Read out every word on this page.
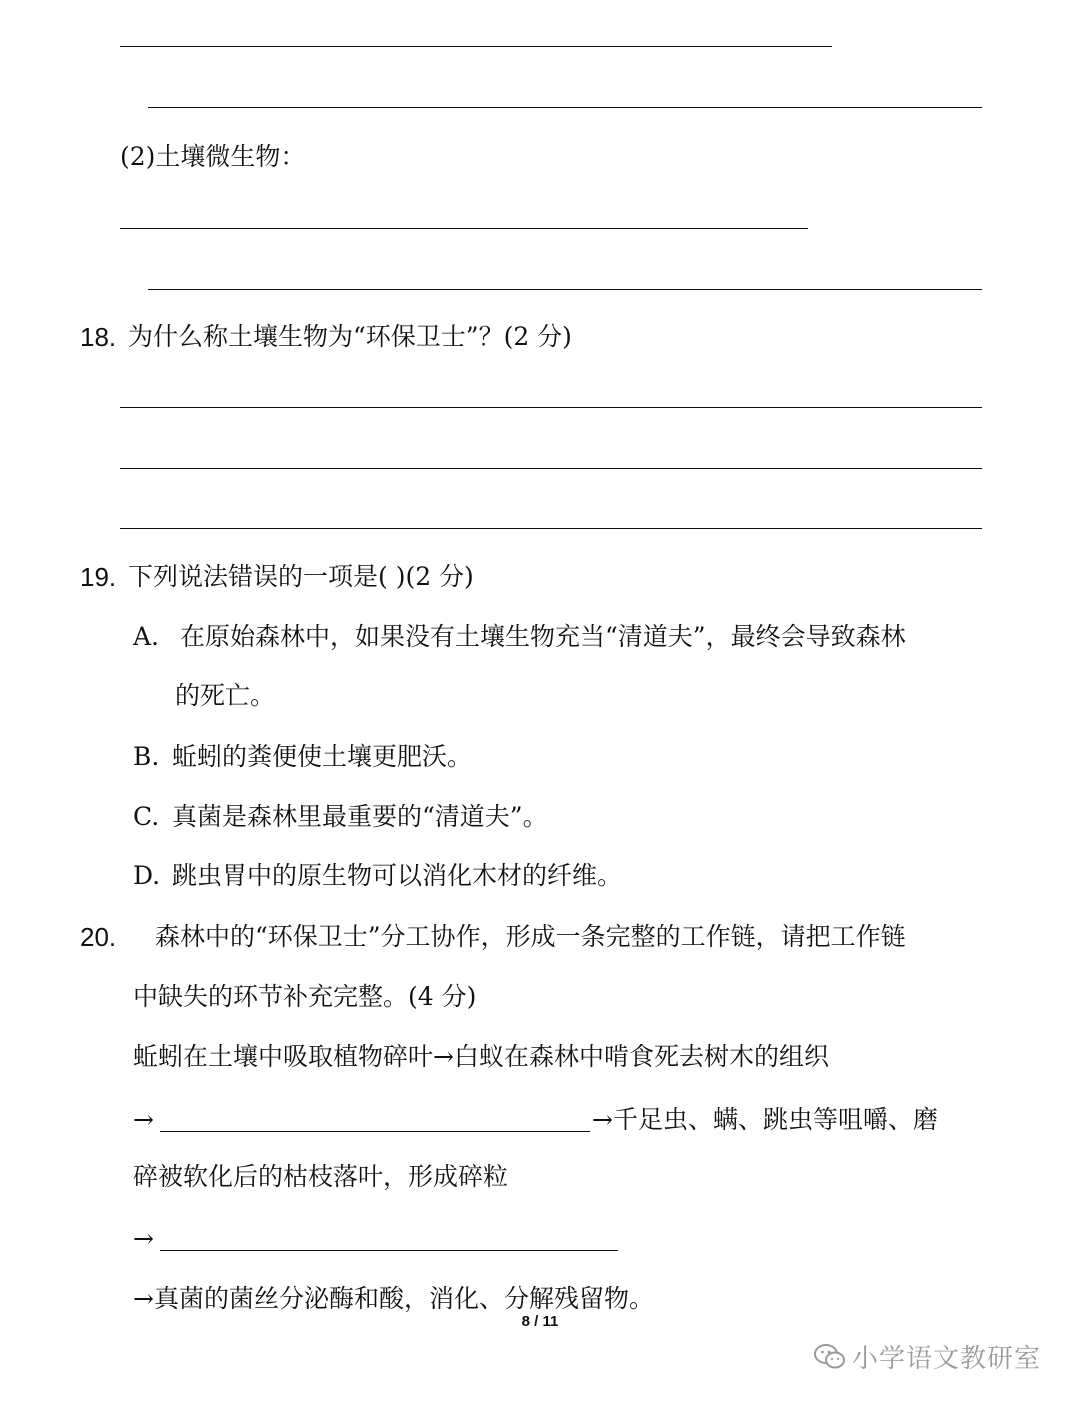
(2)土壤微生物：
18. 为什么称土壤生物为“环保卫士”？(2 分)
19. 下列说法错误的一项是( )(2 分)
A. 在原始森林中，如果没有土壤生物充当“清道夫”，最终会导致森林
的死亡。
B. 蚯蚓的粪便使土壤更肥沃。
C. 真菌是森林里最重要的“清道夫”。
D. 跳虫胃中的原生物可以消化木材的纤维。
20. 森林中的“环保卫士”分工协作，形成一条完整的工作链，请把工作链
中缺失的环节补充完整。(4 分)
蚯蚓在土壤中吸取植物碎叶→白蚁在森林中啃食死去树木的组织
→	→千足虫、螨、跳虫等咀嚼、磨
碎被软化后的枯枝落叶，形成碎粒
→
→真菌的菌丝分泌酶和酸，消化、分解残留物。
小学语文教研室
8 / 11
